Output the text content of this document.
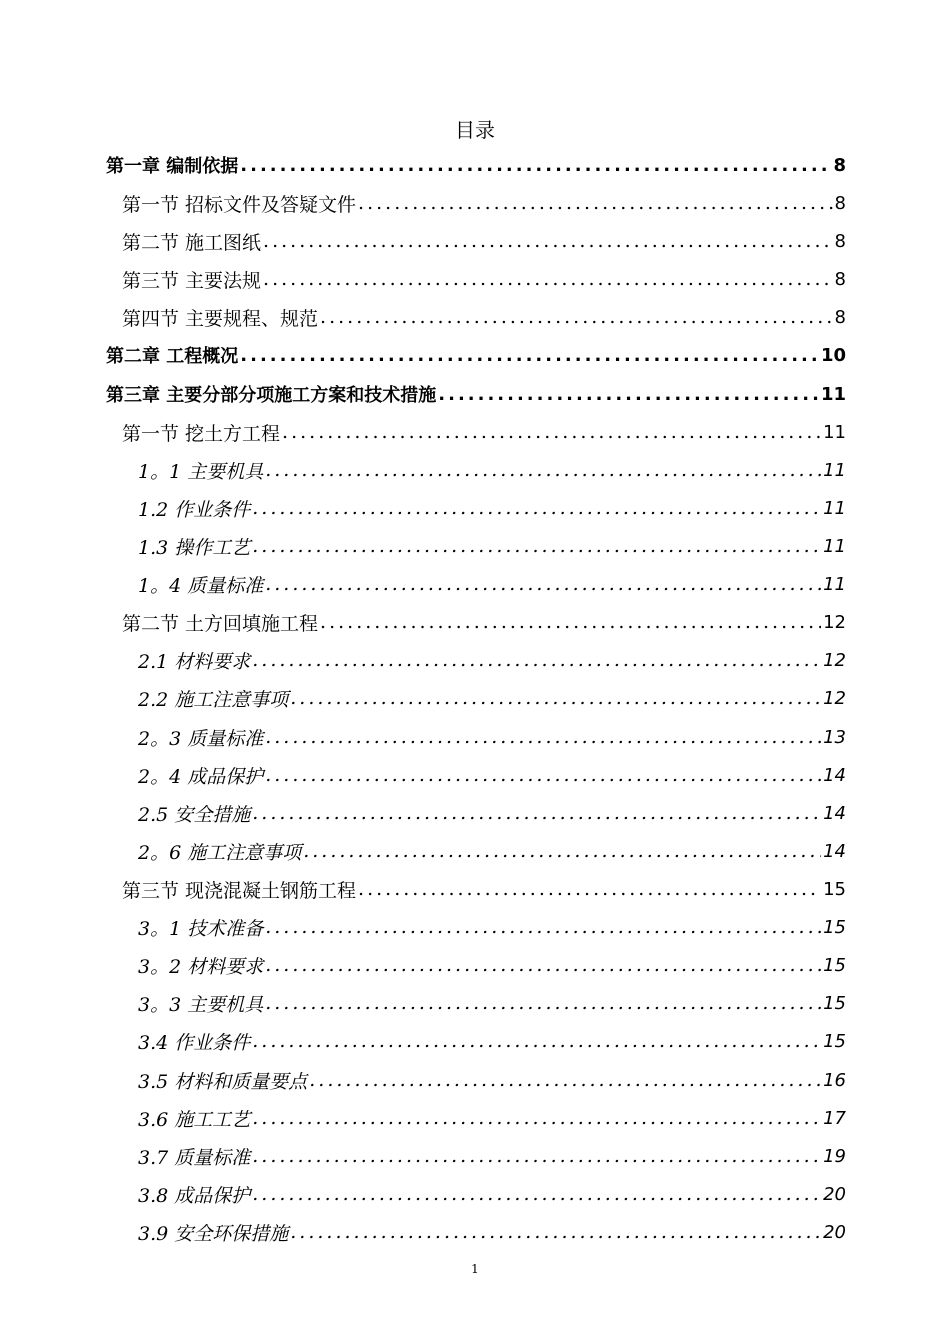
目录
第一章 编制依据 .....	8
第一节 招标文件及答疑文件 .....	8
第二节 施工图纸 .....	8
第三节 主要法规 .....	8
第四节 主要规程、规范 .....	8
第二章 工程概况 .....	10
第三章 主要分部分项施工方案和技术措施 .....	11
第一节 挖土方工程 .....	11
1。1 主要机具 .....	11
1.2 作业条件 .....	11
1.3 操作工艺 .....	11
1。4 质量标准 .....	11
第二节 土方回填施工程 .....	12
2.1 材料要求 .....	12
2.2 施工注意事项 .....	12
2。3 质量标准 .....	13
2。4 成品保护 .....	14
2.5 安全措施 .....	14
2。6 施工注意事项 .....	14
第三节 现浇混凝土钢筋工程 .....	15
3。1 技术准备 .....	15
3。2 材料要求 .....	15
3。3 主要机具 .....	15
3.4 作业条件 .....	15
3.5 材料和质量要点 .....	16
3.6 施工工艺 .....	17
3.7 质量标准 .....	19
3.8 成品保护 .....	20
3.9 安全环保措施 .....	20
1
